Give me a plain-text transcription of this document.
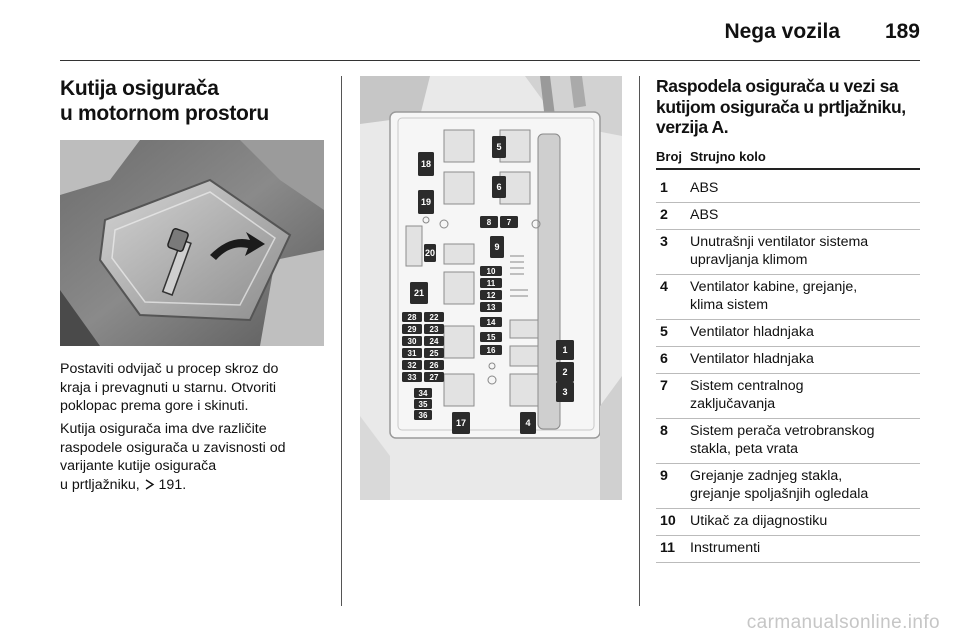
Nega vozila 189
Kutija osigurača
u motornom prostoru

Postaviti odvijač u procep skroz do
kraja i prevagnuti u starnu. Otvoriti
poklopac prema gore i skinuti.

Kutija osigurača ima dve različite
raspodele osigurača u zavisnosti od
varijante kutije osigurača
u prtljažniku,  191.

1
2
3
4
5
6
7
8
9
10
11
12
13
14
15
16
17
18
19
20
21
22
23
24
25
26
27
28
29
30
31
32
33
34
35
36
Raspodela osigurača u vezi sa
kutijom osigurača u prtljažniku,
verzija A.
Broj Strujno kolo
1 ABS
2 ABS
3 Unutrašnji ventilator sistema
upravljanja klimom
4 Ventilator kabine, grejanje,
klima sistem
5 Ventilator hladnjaka
6 Ventilator hladnjaka
7 Sistem centralnog
zaključavanja
8 Sistem perača vetrobranskog
stakla, peta vrata
9 Grejanje zadnjeg stakla,
grejanje spoljašnjih ogledala
10 Utikač za dijagnostiku
11 Instrumenti
carmanualsonline.info
